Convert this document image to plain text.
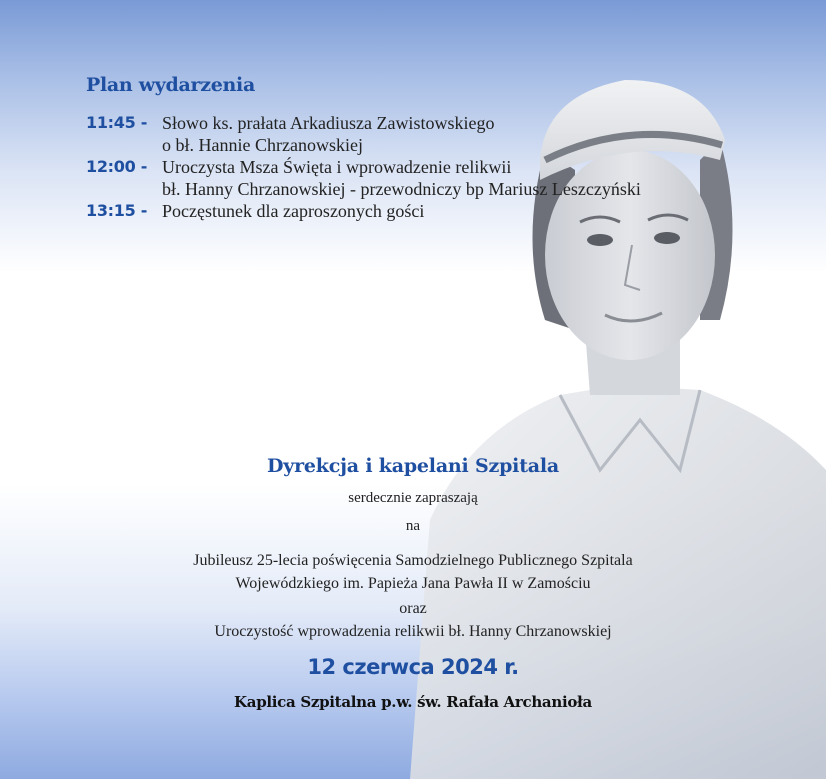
Plan wydarzenia
11:45 - Słowo ks. prałata Arkadiusza Zawistowskiego
o bł. Hannie Chrzanowskiej
12:00 - Uroczysta Msza Święta i wprowadzenie relikwii
bł. Hanny Chrzanowskiej - przewodniczy bp Mariusz Leszczyński
13:15 - Poczęstunek dla zaproszonych gości
Dyrekcja i kapelani Szpitala
serdecznie zapraszają
na
Jubileusz 25-lecia poświęcenia Samodzielnego Publicznego Szpitala
Wojewódzkiego im. Papieża Jana Pawła II w Zamościu
oraz
Uroczystość wprowadzenia relikwii bł. Hanny Chrzanowskiej
12 czerwca 2024 r.
Kaplica Szpitalna p.w. św. Rafała Archanioła
